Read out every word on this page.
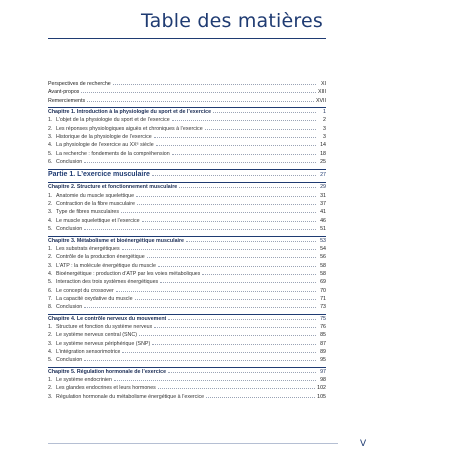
Table des matières
Perspectives de recherche	XI
Avant-propos	XIII
Remerciements	XVII
Chapitre 1. Introduction à la physiologie du sport et de l’exercice	1
1. L’objet de la physiologie du sport et de l’exercice	2
2. Les réponses physiologiques aiguës et chroniques à l’exercice	3
3. Historique de la physiologie de l’exercice	3
4. La physiologie de l’exercice au XXᵉ siècle	14
5. La recherche : fondements de la compréhension	18
6. Conclusion	25
Partie 1. L’exercice musculaire	27
Chapitre 2. Structure et fonctionnement musculaire	29
1. Anatomie du muscle squelettique	31
2. Contraction de la fibre musculaire	37
3. Type de fibres musculaires	41
4. Le muscle squelettique et l’exercice	46
5. Conclusion	51
Chapitre 3. Métabolisme et bioénergétique musculaire	53
1. Les substrats énergétiques	54
2. Contrôle de la production énergétique	56
3. L’ATP : la molécule énergétique du muscle	58
4. Bioénergétique : production d’ATP par les voies métaboliques	58
5. Interaction des trois systèmes énergétiques	69
6. Le concept du crossover	70
7. La capacité oxydative du muscle	71
8. Conclusion	73
Chapitre 4. Le contrôle nerveux du mouvement	75
1. Structure et fonction du système nerveux	76
2. Le système nerveux central (SNC)	85
3. Le système nerveux périphérique (SNP)	87
4. L’intégration sensorimotrice	89
5. Conclusion	95
Chapitre 5. Régulation hormonale de l’exercice	97
1. Le système endocrinien	98
2. Les glandes endocrines et leurs hormones	102
3. Régulation hormonale du métabolisme énergétique à l’exercice	105
V
